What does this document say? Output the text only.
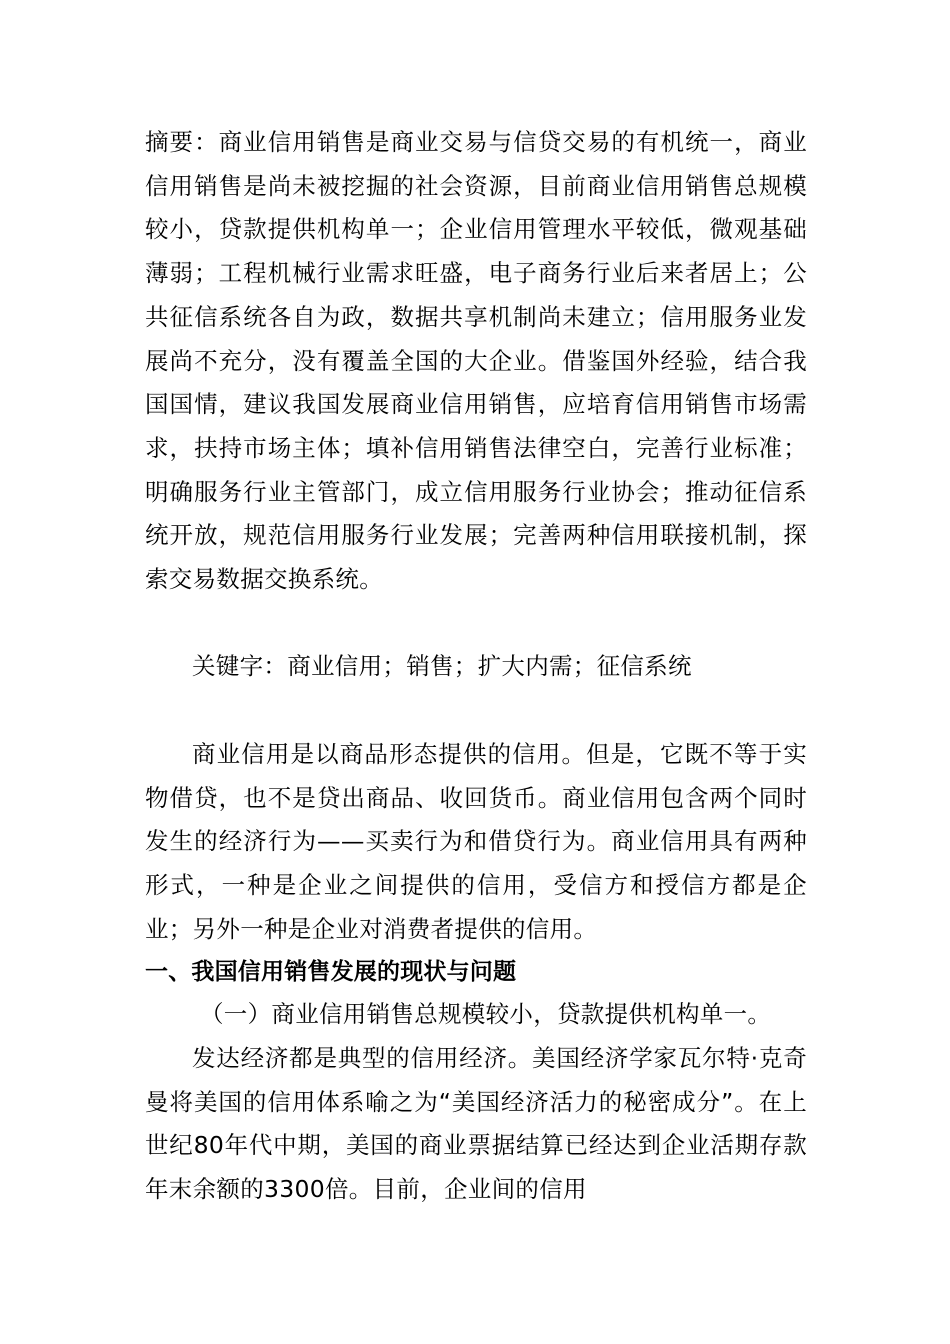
摘要：商业信用销售是商业交易与信贷交易的有机统一，商业信用销售是尚未被挖掘的社会资源，目前商业信用销售总规模较小，贷款提供机构单一；企业信用管理水平较低，微观基础薄弱；工程机械行业需求旺盛，电子商务行业后来者居上；公共征信系统各自为政，数据共享机制尚未建立；信用服务业发展尚不充分，没有覆盖全国的大企业。借鉴国外经验，结合我国国情，建议我国发展商业信用销售，应培育信用销售市场需求，扶持市场主体；填补信用销售法律空白，完善行业标准；明确服务行业主管部门，成立信用服务行业协会；推动征信系统开放，规范信用服务行业发展；完善两种信用联接机制，探索交易数据交换系统。

关键字：商业信用；销售；扩大内需；征信系统

商业信用是以商品形态提供的信用。但是，它既不等于实物借贷，也不是贷出商品、收回货币。商业信用包含两个同时发生的经济行为——买卖行为和借贷行为。商业信用具有两种形式，一种是企业之间提供的信用，受信方和授信方都是企业；另外一种是企业对消费者提供的信用。

一、我国信用销售发展的现状与问题

（一）商业信用销售总规模较小，贷款提供机构单一。

发达经济都是典型的信用经济。美国经济学家瓦尔特·克奇曼将美国的信用体系喻之为“美国经济活力的秘密成分”。在上世纪80年代中期，美国的商业票据结算已经达到企业活期存款年末余额的3300倍。目前，企业间的信用
